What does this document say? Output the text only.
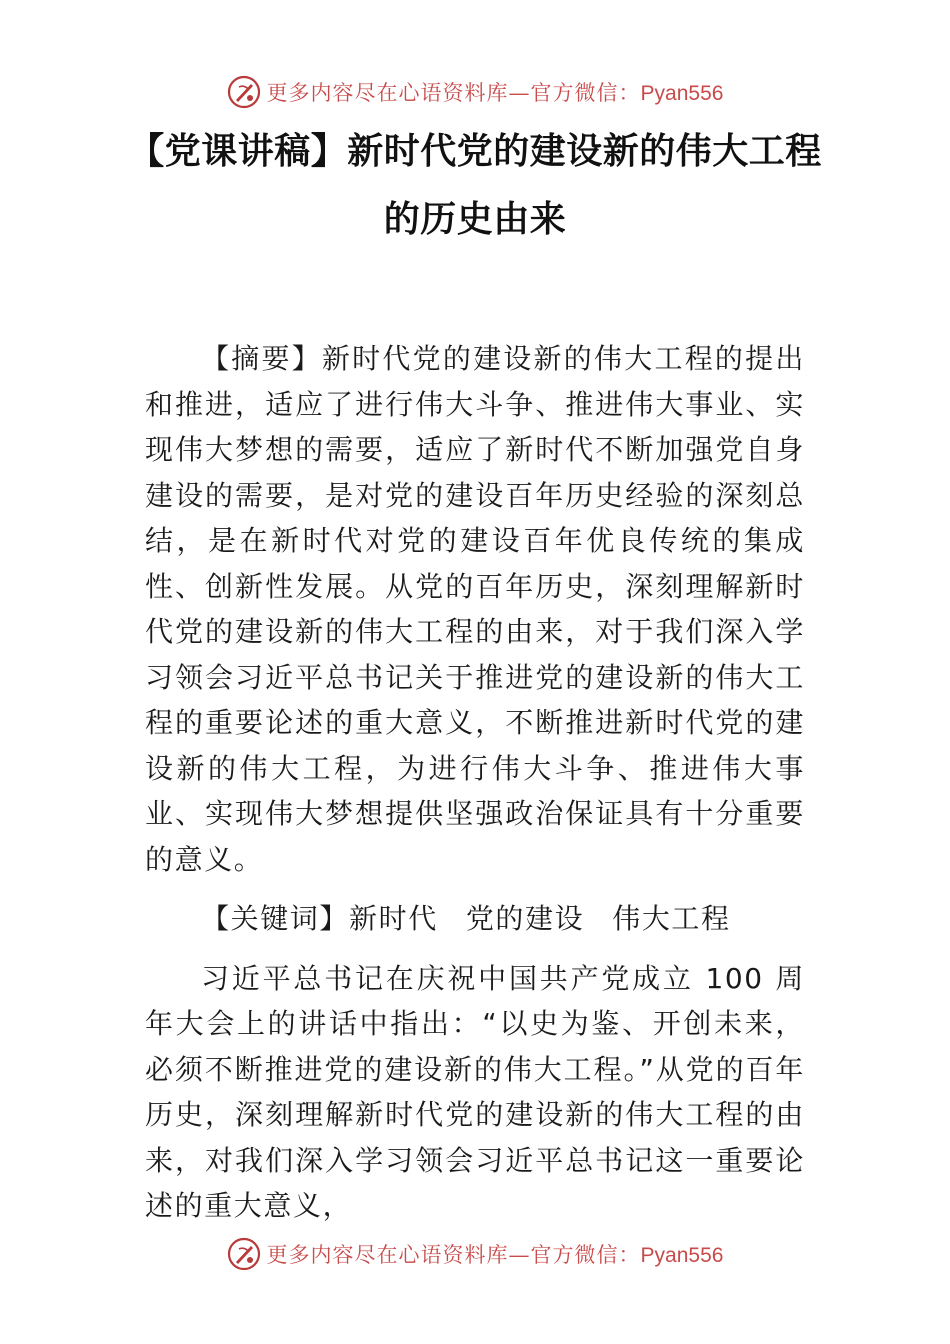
更多内容尽在心语资料库—官方微信：Pyan556
【党课讲稿】新时代党的建设新的伟大工程的历史由来

【摘要】新时代党的建设新的伟大工程的提出和推进，适应了进行伟大斗争、推进伟大事业、实现伟大梦想的需要，适应了新时代不断加强党自身建设的需要，是对党的建设百年历史经验的深刻总结，是在新时代对党的建设百年优良传统的集成性、创新性发展。从党的百年历史，深刻理解新时代党的建设新的伟大工程的由来，对于我们深入学习领会习近平总书记关于推进党的建设新的伟大工程的重要论述的重大意义，不断推进新时代党的建设新的伟大工程，为进行伟大斗争、推进伟大事业、实现伟大梦想提供坚强政治保证具有十分重要的意义。

【关键词】新时代 党的建设 伟大工程

习近平总书记在庆祝中国共产党成立 100 周年大会上的讲话中指出：“以史为鉴、开创未来，必须不断推进党的建设新的伟大工程。”从党的百年历史，深刻理解新时代党的建设新的伟大工程的由来，对我们深入学习领会习近平总书记这一重要论述的重大意义，

更多内容尽在心语资料库—官方微信：Pyan556
